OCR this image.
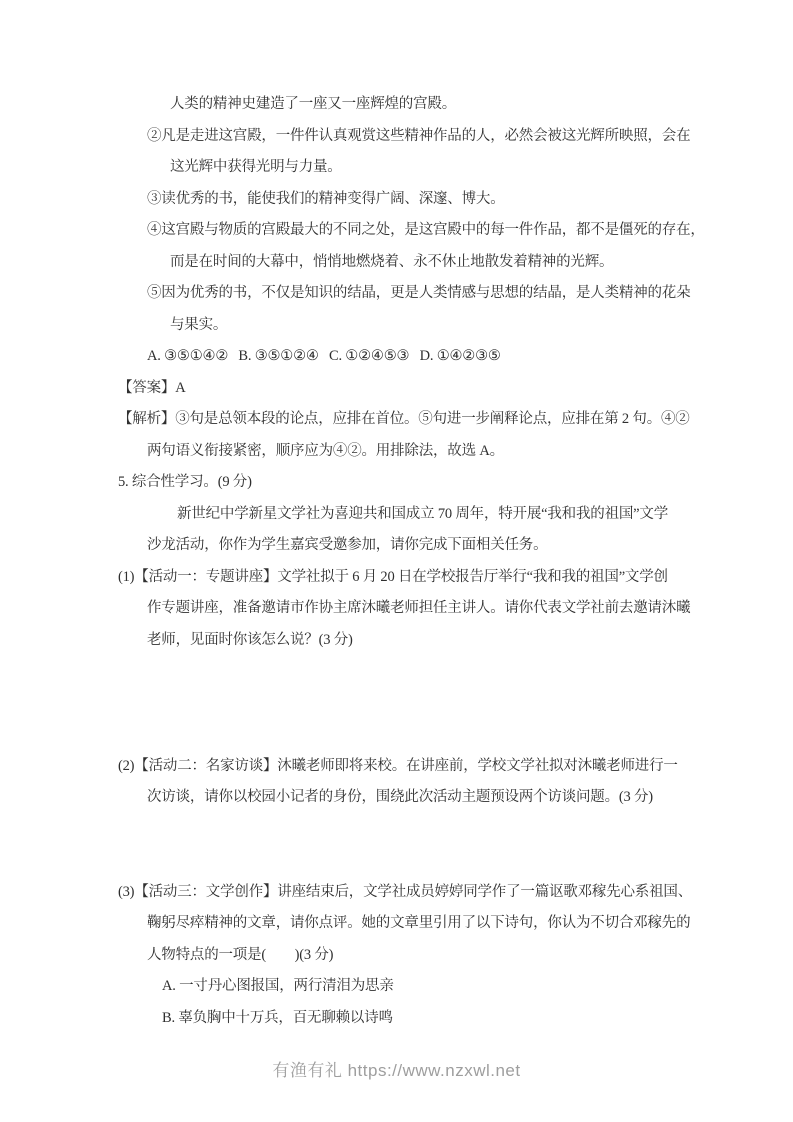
人类的精神史建造了一座又一座辉煌的宫殿。
②凡是走进这宫殿，一件件认真观赏这些精神作品的人，必然会被这光辉所映照，会在
这光辉中获得光明与力量。
③读优秀的书，能使我们的精神变得广阔、深邃、博大。
④这宫殿与物质的宫殿最大的不同之处，是这宫殿中的每一件作品，都不是僵死的存在，
而是在时间的大幕中，悄悄地燃烧着、永不休止地散发着精神的光辉。
⑤因为优秀的书，不仅是知识的结晶，更是人类情感与思想的结晶，是人类精神的花朵
与果实。
A. ③⑤①④②   B. ③⑤①②④   C. ①②④⑤③   D. ①④②③⑤
【答案】A
【解析】③句是总领本段的论点，应排在首位。⑤句进一步阐释论点，应排在第 2 句。④②
两句语义衔接紧密，顺序应为④②。用排除法，故选 A。
5. 综合性学习。(9 分)
新世纪中学新星文学社为喜迎共和国成立 70 周年，特开展“我和我的祖国”文学
沙龙活动，你作为学生嘉宾受邀参加，请你完成下面相关任务。
(1)【活动一：专题讲座】文学社拟于 6 月 20 日在学校报告厅举行“我和我的祖国”文学创
作专题讲座，准备邀请市作协主席沐曦老师担任主讲人。请你代表文学社前去邀请沐曦
老师，见面时你该怎么说？(3 分)
(2)【活动二：名家访谈】沐曦老师即将来校。在讲座前，学校文学社拟对沐曦老师进行一
次访谈，请你以校园小记者的身份，围绕此次活动主题预设两个访谈问题。(3 分)
(3)【活动三：文学创作】讲座结束后，文学社成员婷婷同学作了一篇讴歌邓稼先心系祖国、
鞠躬尽瘁精神的文章，请你点评。她的文章里引用了以下诗句，你认为不切合邓稼先的
人物特点的一项是(　　)(3 分)
A. 一寸丹心图报国，两行清泪为思亲
B. 辜负胸中十万兵，百无聊赖以诗鸣
有渔有礼 https://www.nzxwl.net
